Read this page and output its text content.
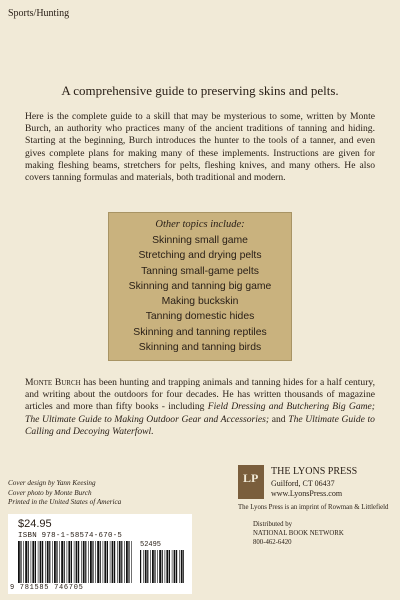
Sports/Hunting
A comprehensive guide to preserving skins and pelts.
Here is the complete guide to a skill that may be mysterious to some, written by Monte Burch, an authority who practices many of the ancient traditions of tanning and hiding. Starting at the beginning, Burch introduces the hunter to the tools of a tanner, and even gives complete plans for making many of these implements. Instructions are given for making fleshing beams, stretchers for pelts, fleshing knives, and many others. He also covers tanning formulas and materials, both traditional and modern.
Other topics include:
Skinning small game
Stretching and drying pelts
Tanning small-game pelts
Skinning and tanning big game
Making buckskin
Tanning domestic hides
Skinning and tanning reptiles
Skinning and tanning birds
Monte Burch has been hunting and trapping animals and tanning hides for a half century, and writing about the outdoors for four decades. He has written thousands of magazine articles and more than fifty books - including Field Dressing and Butchering Big Game; The Ultimate Guide to Making Outdoor Gear and Accessories; and The Ultimate Guide to Calling and Decoying Waterfowl.
Cover design by Yann Keesing
Cover photo by Monte Burch
Printed in the United States of America
$24.95
ISBN 978-1-58574-670-5
52495
9 781585 746705
LP THE LYONS PRESS
Guilford, CT 06437
www.LyonsPress.com
The Lyons Press is an imprint of Rowman & Littlefield
Distributed by
NATIONAL BOOK NETWORK
800-462-6420
